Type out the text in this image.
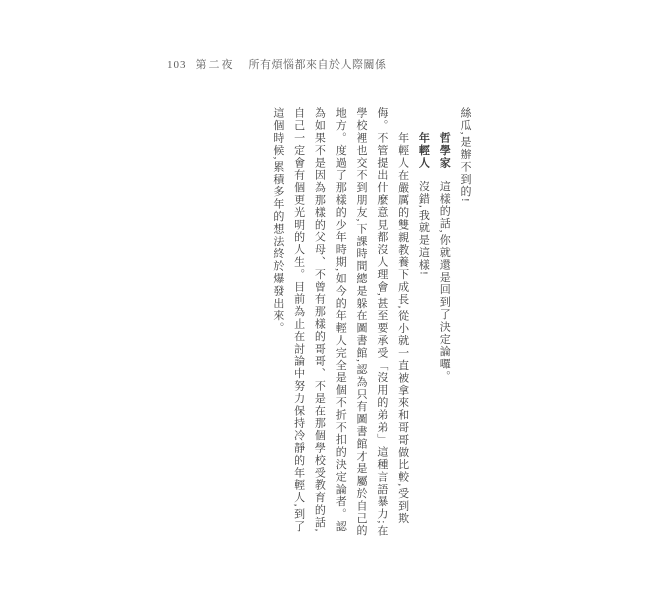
103 第二夜 所有煩惱都來自於人際關係

絲瓜,是辦不到的!

哲學家這樣的話,你就還是回到了決定論囉。

年輕人沒錯,我就是這樣!

年輕人在嚴厲的雙親教養下成長,從小就一直被拿來和哥哥做比較,受到欺侮。不管提出什麼意見都沒人理會,甚至要承受「沒用的弟弟」這種言語暴力;在學校裡也交不到朋友,下課時間總是躲在圖書館,認為只有圖書館才是屬於自己的地方。度過了那樣的少年時期,如今的年輕人完全是個不折不扣的決定論者。認為如果不是因為那樣的父母、不曾有那樣的哥哥、不是在那個學校受教育的話,自己一定會有個更光明的人生。目前為止在討論中努力保持冷靜的年輕人,到了這個時候,累積多年的想法終於爆發出來。
